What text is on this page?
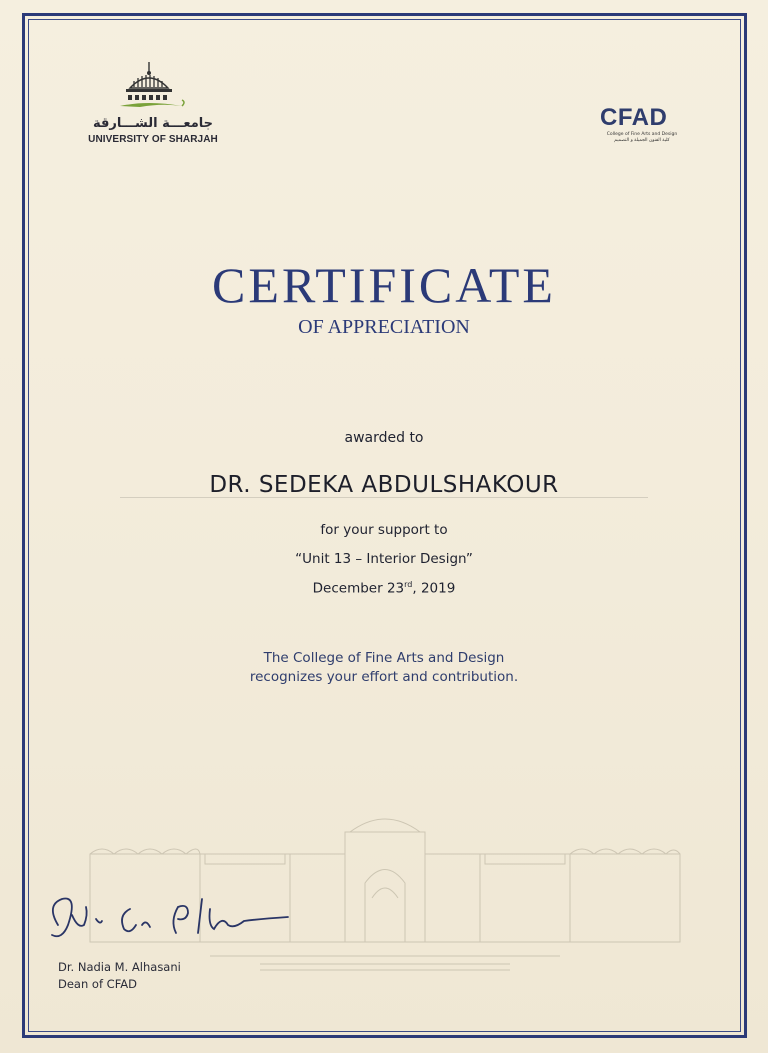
جامعـــة الشـــارقة
UNIVERSITY OF SHARJAH
CFAD
College of Fine Arts and Design
كلية الفنون الجميلة و التصميم
CERTIFICATE
OF APPRECIATION
awarded to
DR. SEDEKA ABDULSHAKOUR
for your support to
“Unit 13 – Interior Design”
December 23rd, 2019
The College of Fine Arts and Design
recognizes your effort and contribution.
Dr. Nadia M. Alhasani
Dean of CFAD
